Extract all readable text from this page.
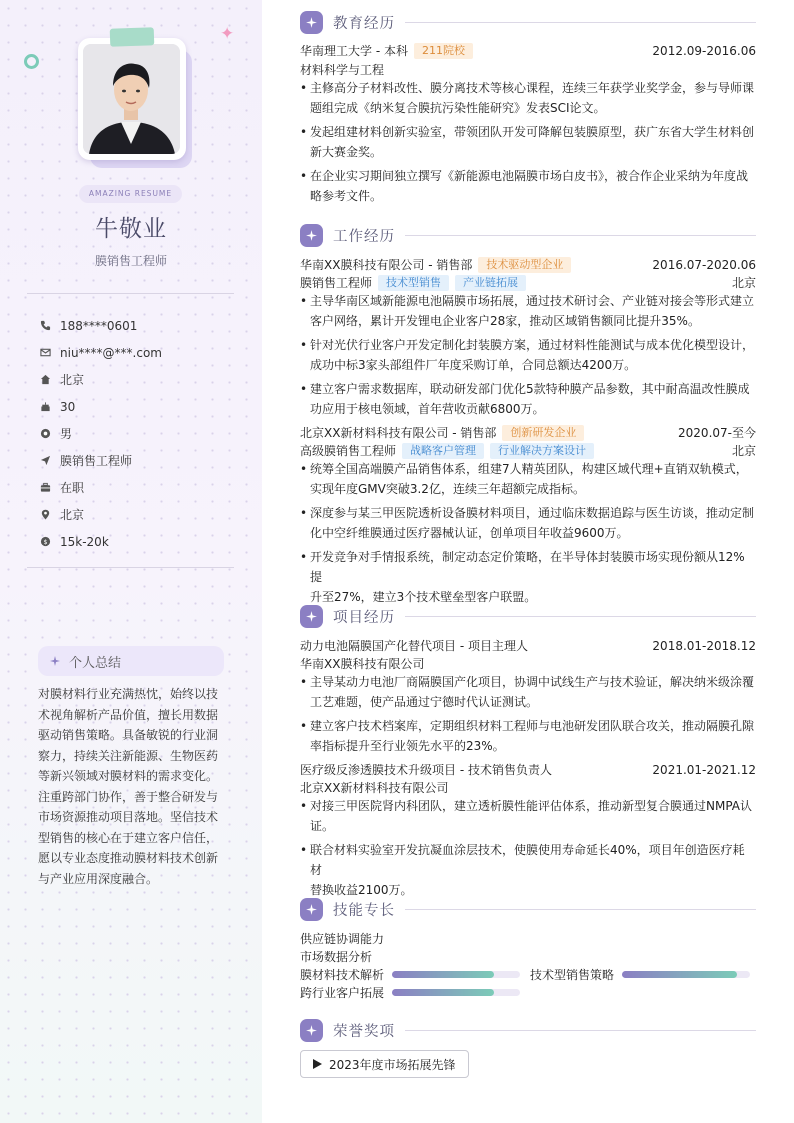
✦
AMAZING RESUME
牛敬业
膜销售工程师
188****0601
niu****@***.com
北京
30
男
膜销售工程师
在职
北京
$ 15k-20k
个人总结
对膜材料行业充满热忱，始终以技
术视角解析产品价值，擅长用数据
驱动销售策略。具备敏锐的行业洞
察力，持续关注新能源、生物医药
等新兴领域对膜材料的需求变化。
注重跨部门协作，善于整合研发与
市场资源推动项目落地。坚信技术
型销售的核心在于建立客户信任，
愿以专业态度推动膜材料技术创新
与产业应用深度融合。
教育经历
华南理工大学 - 本科	211院校	2012.09-2016.06
材料科学与工程
• 主修高分子材料改性、膜分离技术等核心课程，连续三年获学业奖学金，参与导师课
题组完成《纳米复合膜抗污染性能研究》发表SCI论文。
• 发起组建材料创新实验室，带领团队开发可降解包装膜原型，获广东省大学生材料创
新大赛金奖。
• 在企业实习期间独立撰写《新能源电池隔膜市场白皮书》，被合作企业采纳为年度战
略参考文件。
工作经历
华南XX膜科技有限公司 - 销售部	技术驱动型企业	2016.07-2020.06
膜销售工程师	技术型销售	产业链拓展	北京
• 主导华南区域新能源电池隔膜市场拓展，通过技术研讨会、产业链对接会等形式建立
客户网络，累计开发锂电企业客户28家，推动区域销售额同比提升35%。
• 针对光伏行业客户开发定制化封装膜方案，通过材料性能测试与成本优化模型设计，
成功中标3家头部组件厂年度采购订单，合同总额达4200万。
• 建立客户需求数据库，联动研发部门优化5款特种膜产品参数，其中耐高温改性膜成
功应用于核电领域，首年营收贡献6800万。
北京XX新材料科技有限公司 - 销售部	创新研发企业	2020.07-至今
高级膜销售工程师	战略客户管理	行业解决方案设计	北京
• 统筹全国高端膜产品销售体系，组建7人精英团队，构建区域代理+直销双轨模式，
实现年度GMV突破3.2亿，连续三年超额完成指标。
• 深度参与某三甲医院透析设备膜材料项目，通过临床数据追踪与医生访谈，推动定制
化中空纤维膜通过医疗器械认证，创单项目年收益9600万。
• 开发竞争对手情报系统，制定动态定价策略，在半导体封装膜市场实现份额从12%提
升至27%，建立3个技术壁垒型客户联盟。
项目经历
动力电池隔膜国产化替代项目 - 项目主理人	2018.01-2018.12
华南XX膜科技有限公司
• 主导某动力电池厂商隔膜国产化项目，协调中试线生产与技术验证，解决纳米级涂覆
工艺难题，使产品通过宁德时代认证测试。
• 建立客户技术档案库，定期组织材料工程师与电池研发团队联合攻关，推动隔膜孔隙
率指标提升至行业领先水平的23%。
医疗级反渗透膜技术升级项目 - 技术销售负责人	2021.01-2021.12
北京XX新材料科技有限公司
• 对接三甲医院肾内科团队，建立透析膜性能评估体系，推动新型复合膜通过NMPA认
证。
• 联合材料实验室开发抗凝血涂层技术，使膜使用寿命延长40%，项目年创造医疗耗材
替换收益2100万。
技能专长
供应链协调能力
市场数据分析
膜材料技术解析	技术型销售策略
跨行业客户拓展
荣誉奖项
2023年度市场拓展先锋
